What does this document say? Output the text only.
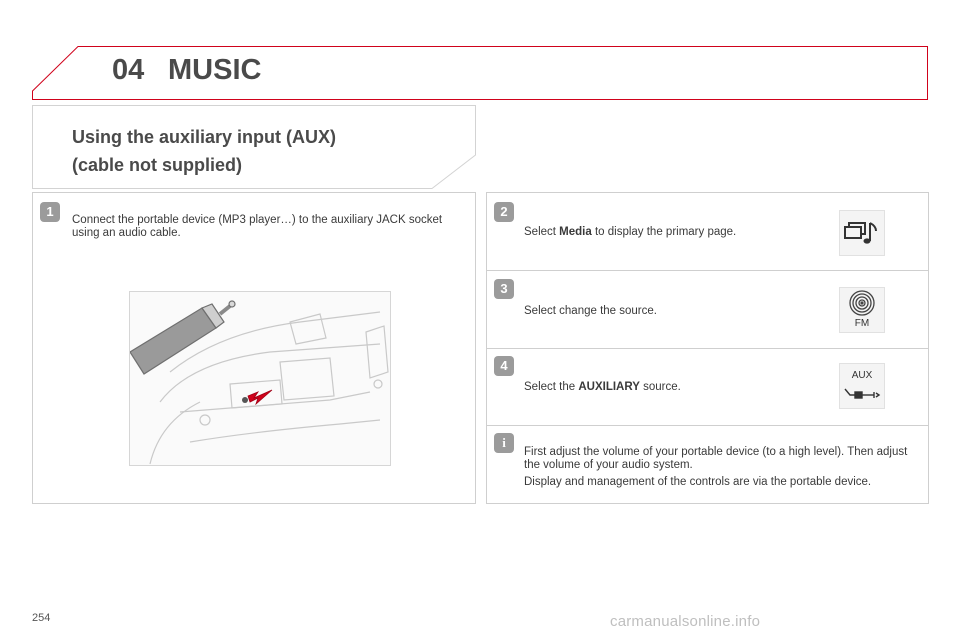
04 MUSIC
Using the auxiliary input (AUX)
(cable not supplied)
1
Connect the portable device (MP3 player…) to the auxiliary JACK socket using an audio cable.
2
Select Media to display the primary page.
3
Select change the source.
FM
4
Select the AUXILIARY source.
AUX
i
First adjust the volume of your portable device (to a high level). Then adjust the volume of your audio system.
Display and management of the controls are via the portable device.
254	carmanualsonline.info
